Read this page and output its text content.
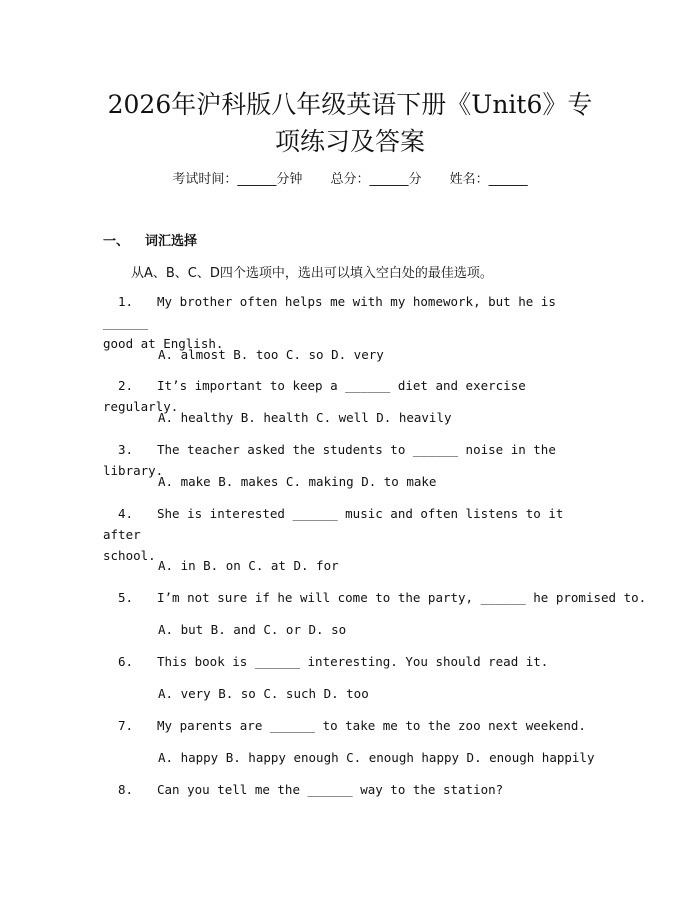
2026年沪科版八年级英语下册《Unit6》专
项练习及答案
考试时间：______分钟 总分：______分 姓名：______
一、 词汇选择
从A、B、C、D四个选项中，选出可以填入空白处的最佳选项。
1. My brother often helps me with my homework, but he is ______
good at English.
A. almost B. too C. so D. very
2. It’s important to keep a ______ diet and exercise regularly.
A. healthy B. health C. well D. heavily
3. The teacher asked the students to ______ noise in the library.
A. make B. makes C. making D. to make
4. She is interested ______ music and often listens to it after
school.
A. in B. on C. at D. for
5. I’m not sure if he will come to the party, ______ he promised to.
A. but B. and C. or D. so
6. This book is ______ interesting. You should read it.
A. very B. so C. such D. too
7. My parents are ______ to take me to the zoo next weekend.
A. happy B. happy enough C. enough happy D. enough happily
8. Can you tell me the ______ way to the station?
